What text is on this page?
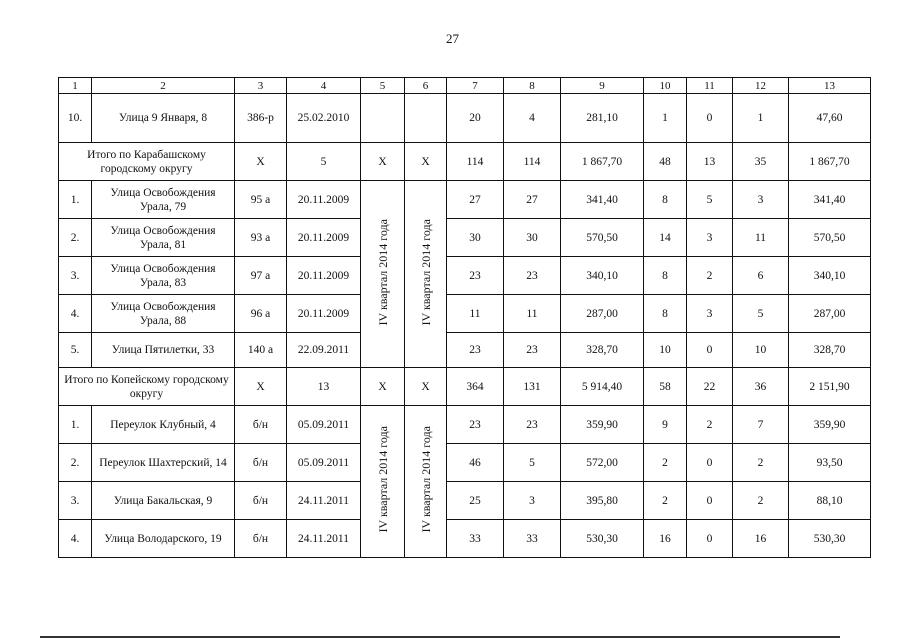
27
1	2	3	4	5	6	7	8	9	10	11	12	13
10.	Улица 9 Января, 8	386-р	25.02.2010			20	4	281,10	1	0	1	47,60
Итого по Карабашскому городскому округу		Х	5	Х	Х	114	114	1 867,70	48	13	35	1 867,70
1.	Улица Освобождения Урала, 79	95 а	20.11.2009	IV квартал 2014 года	IV квартал 2014 года	27	27	341,40	8	5	3	341,40
2.	Улица Освобождения Урала, 81	93 а	20.11.2009			30	30	570,50	14	3	11	570,50
3.	Улица Освобождения Урала, 83	97 а	20.11.2009			23	23	340,10	8	2	6	340,10
4.	Улица Освобождения Урала, 88	96 а	20.11.2009			11	11	287,00	8	3	5	287,00
5.	Улица Пятилетки, 33	140 а	22.09.2011			23	23	328,70	10	0	10	328,70
Итого по Копейскому городскому округу		Х	13	Х	Х	364	131	5 914,40	58	22	36	2 151,90
1.	Переулок Клубный, 4	б/н	05.09.2011	IV квартал 2014 года	IV квартал 2014 года	23	23	359,90	9	2	7	359,90
2.	Переулок Шахтерский, 14	б/н	05.09.2011			46	5	572,00	2	0	2	93,50
3.	Улица Бакальская, 9	б/н	24.11.2011			25	3	395,80	2	0	2	88,10
4.	Улица Володарского, 19	б/н	24.11.2011			33	33	530,30	16	0	16	530,30
